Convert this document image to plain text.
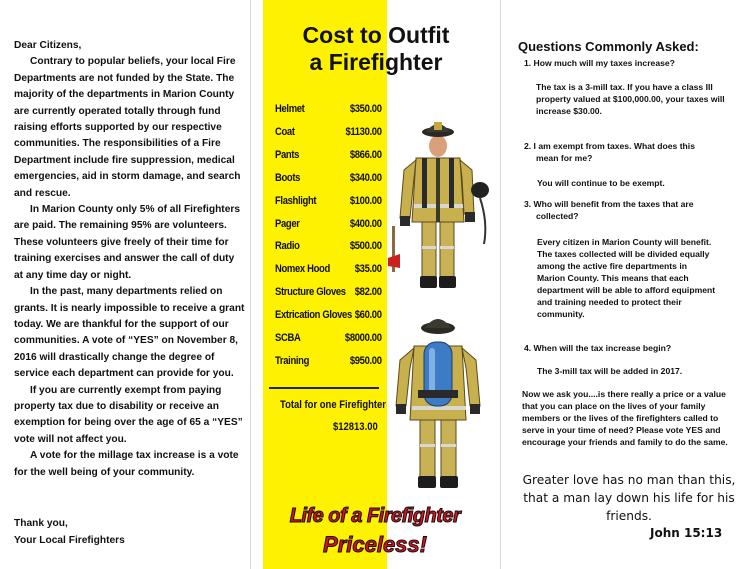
Dear Citizens,

Contrary to popular beliefs, your local Fire Departments are not funded by the State. The majority of the departments in Marion County are currently operated totally through fund raising efforts supported by our respective communities. The responsibilities of a Fire Department include fire suppression, medical emergencies, aid in storm damage, and search and rescue.

In Marion County only 5% of all Firefighters are paid. The remaining 95% are volunteers. These volunteers give freely of their time for training exercises and answer the call of duty at any time day or night.

In the past, many departments relied on grants. It is nearly impossible to receive a grant today. We are thankful for the support of our communities. A vote of “YES” on November 8, 2016 will drastically change the degree of service each department can provide for you.

If you are currently exempt from paying property tax due to disability or receive an exemption for being over the age of 65 a “YES” vote will not affect you.

A vote for the millage tax increase is a vote for the well being of your community.

Thank you,
Your Local Firefighters
Cost to Outfit
a Firefighter
Helmet	$350.00
Coat	$1130.00
Pants	$866.00
Boots	$340.00
Flashlight	$100.00
Pager	$400.00
Radio	$500.00
Nomex Hood $35.00
Structure Gloves $82.00
Extrication Gloves $60.00
SCBA	$8000.00
Training	$950.00
Total for one Firefighter
$12813.00
Life of a Firefighter
Priceless!
Questions Commonly Asked:
1. How much will my taxes increase?
The tax is a 3-mill tax. If you have a class III property valued at $100,000.00, your taxes will increase $30.00.
2. I am exempt from taxes. What does this mean for me?
You will continue to be exempt.
3. Who will benefit from the taxes that are collected?
Every citizen in Marion County will benefit. The taxes collected will be divided equally among the active fire departments in Marion County. This means that each department will be able to afford equipment and training needed to protect their community.
4. When will the tax increase begin?
The 3-mill tax will be added in 2017.
Now we ask you....is there really a price or a value that you can place on the lives of your family members or the lives of the firefighters called to serve in your time of need? Please vote YES and encourage your friends and family to do the same.
Greater love has no man than this, that a man lay down his life for his friends.
John 15:13
